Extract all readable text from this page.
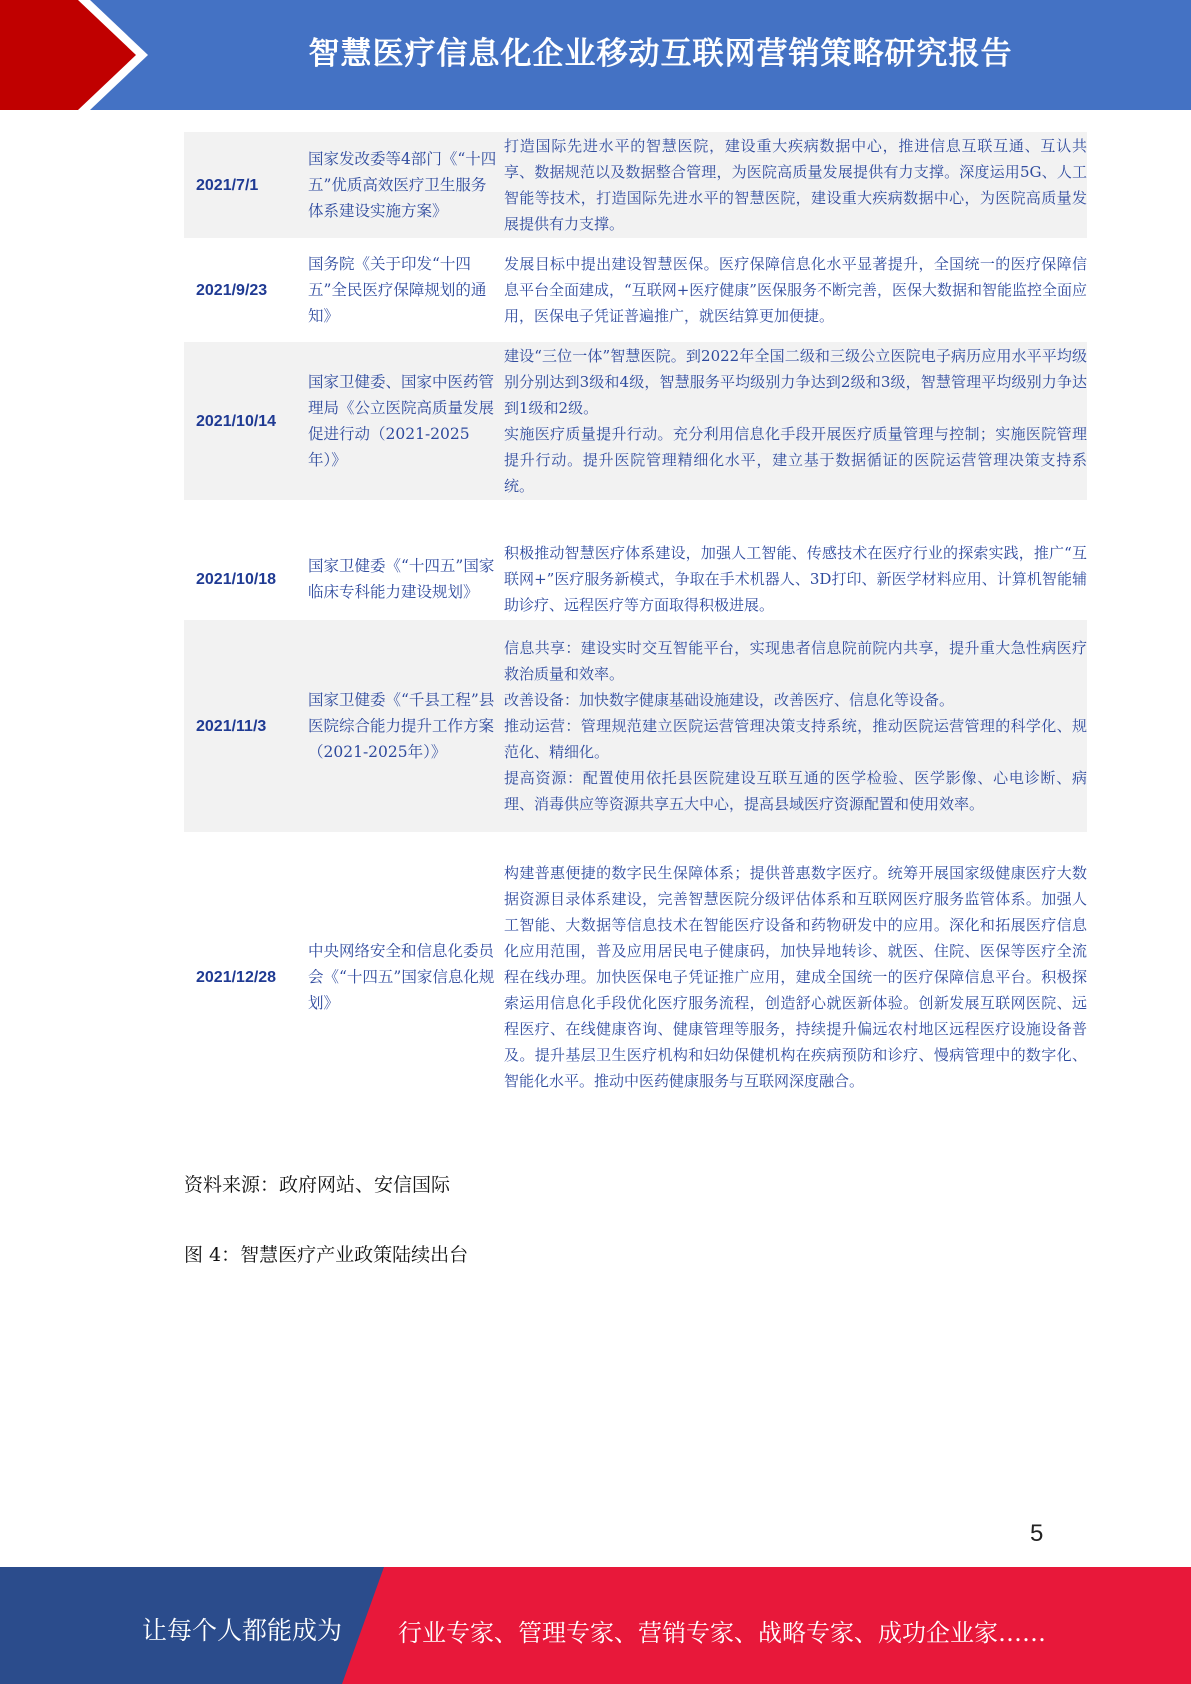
智慧医疗信息化企业移动互联网营销策略研究报告
2021/7/1	国家发改委等4部门《“十四五”优质高效医疗卫生服务体系建设实施方案》	打造国际先进水平的智慧医院，建设重大疾病数据中心，推进信息互联互通、互认共享、数据规范以及数据整合管理，为医院高质量发展提供有力支撑。深度运用5G、人工智能等技术，打造国际先进水平的智慧医院，建设重大疾病数据中心，为医院高质量发展提供有力支撑。

2021/9/23	国务院《关于印发“十四五”全民医疗保障规划的通知》	发展目标中提出建设智慧医保。医疗保障信息化水平显著提升，全国统一的医疗保障信息平台全面建成，“互联网+医疗健康”医保服务不断完善，医保大数据和智能监控全面应用，医保电子凭证普遍推广，就医结算更加便捷。

2021/10/14	国家卫健委、国家中医药管理局《公立医院高质量发展促进行动（2021-2025年）》	建设“三位一体”智慧医院。到2022年全国二级和三级公立医院电子病历应用水平平均级别分别达到3级和4级，智慧服务平均级别力争达到2级和3级，智慧管理平均级别力争达到1级和2级。

实施医疗质量提升行动。充分利用信息化手段开展医疗质量管理与控制；实施医院管理提升行动。提升医院管理精细化水平，建立基于数据循证的医院运营管理决策支持系统。

2021/10/18	国家卫健委《“十四五”国家临床专科能力建设规划》	积极推动智慧医疗体系建设，加强人工智能、传感技术在医疗行业的探索实践，推广“互联网+”医疗服务新模式，争取在手术机器人、3D打印、新医学材料应用、计算机智能辅助诊疗、远程医疗等方面取得积极进展。

2021/11/3	国家卫健委《“千县工程”县医院综合能力提升工作方案（2021-2025年）》	信息共享：建设实时交互智能平台，实现患者信息院前院内共享，提升重大急性病医疗救治质量和效率。

改善设备：加快数字健康基础设施建设，改善医疗、信息化等设备。

推动运营：管理规范建立医院运营管理决策支持系统，推动医院运营管理的科学化、规范化、精细化。

提高资源：配置使用依托县医院建设互联互通的医学检验、医学影像、心电诊断、病理、消毒供应等资源共享五大中心，提高县域医疗资源配置和使用效率。

2021/12/28	中央网络安全和信息化委员会《“十四五”国家信息化规划》	构建普惠便捷的数字民生保障体系；提供普惠数字医疗。统筹开展国家级健康医疗大数据资源目录体系建设，完善智慧医院分级评估体系和互联网医疗服务监管体系。加强人工智能、大数据等信息技术在智能医疗设备和药物研发中的应用。深化和拓展医疗信息化应用范围，普及应用居民电子健康码，加快异地转诊、就医、住院、医保等医疗全流程在线办理。加快医保电子凭证推广应用，建成全国统一的医疗保障信息平台。积极探索运用信息化手段优化医疗服务流程，创造舒心就医新体验。创新发展互联网医院、远程医疗、在线健康咨询、健康管理等服务，持续提升偏远农村地区远程医疗设施设备普及。提升基层卫生医疗机构和妇幼保健机构在疾病预防和诊疗、慢病管理中的数字化、智能化水平。推动中医药健康服务与互联网深度融合。

资料来源：政府网站、安信国际
图 4：智慧医疗产业政策陆续出台
5
让每个人都能成为 行业专家、管理专家、营销专家、战略专家、成功企业家……
